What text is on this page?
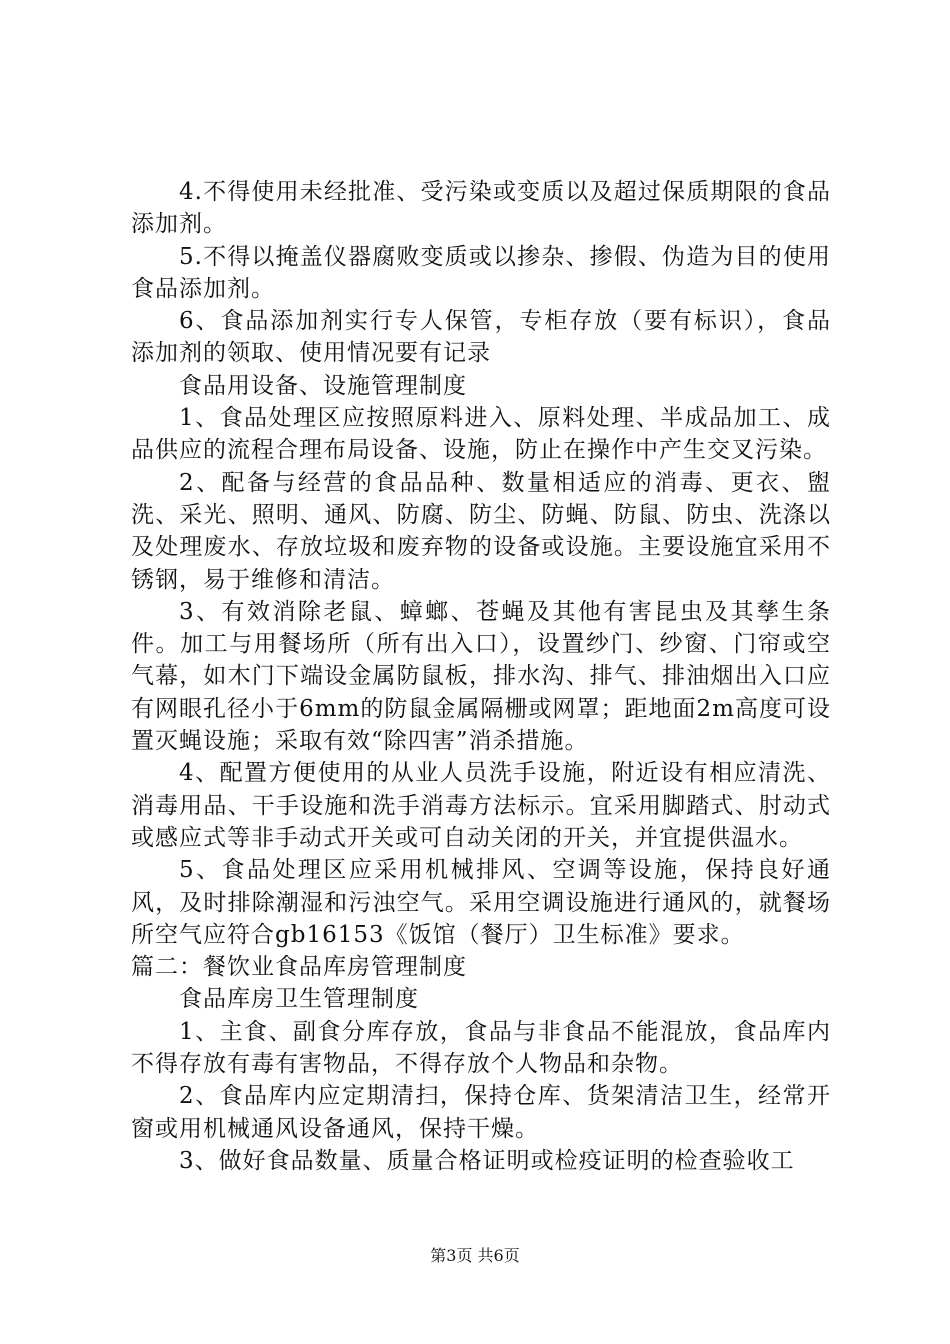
4.不得使用未经批准、受污染或变质以及超过保质期限的食品添加剂。

5.不得以掩盖仪器腐败变质或以掺杂、掺假、伪造为目的使用食品添加剂。

6、食品添加剂实行专人保管，专柜存放（要有标识），食品添加剂的领取、使用情况要有记录

食品用设备、设施管理制度

1、食品处理区应按照原料进入、原料处理、半成品加工、成品供应的流程合理布局设备、设施，防止在操作中产生交叉污染。

2、配备与经营的食品品种、数量相适应的消毒、更衣、盥洗、采光、照明、通风、防腐、防尘、防蝇、防鼠、防虫、洗涤以及处理废水、存放垃圾和废弃物的设备或设施。主要设施宜采用不锈钢，易于维修和清洁。

3、有效消除老鼠、蟑螂、苍蝇及其他有害昆虫及其孳生条件。加工与用餐场所（所有出入口），设置纱门、纱窗、门帘或空气幕，如木门下端设金属防鼠板，排水沟、排气、排油烟出入口应有网眼孔径小于6mm的防鼠金属隔栅或网罩；距地面2m高度可设置灭蝇设施；采取有效“除四害”消杀措施。

4、配置方便使用的从业人员洗手设施，附近设有相应清洗、消毒用品、干手设施和洗手消毒方法标示。宜采用脚踏式、肘动式或感应式等非手动式开关或可自动关闭的开关，并宜提供温水。

5、食品处理区应采用机械排风、空调等设施，保持良好通风，及时排除潮湿和污浊空气。采用空调设施进行通风的，就餐场所空气应符合gb16153《饭馆（餐厅）卫生标准》要求。

篇二：餐饮业食品库房管理制度

食品库房卫生管理制度

1、主食、副食分库存放，食品与非食品不能混放，食品库内不得存放有毒有害物品，不得存放个人物品和杂物。

2、食品库内应定期清扫，保持仓库、货架清洁卫生，经常开窗或用机械通风设备通风，保持干燥。

3、做好食品数量、质量合格证明或检疫证明的检查验收工

第3页 共6页
